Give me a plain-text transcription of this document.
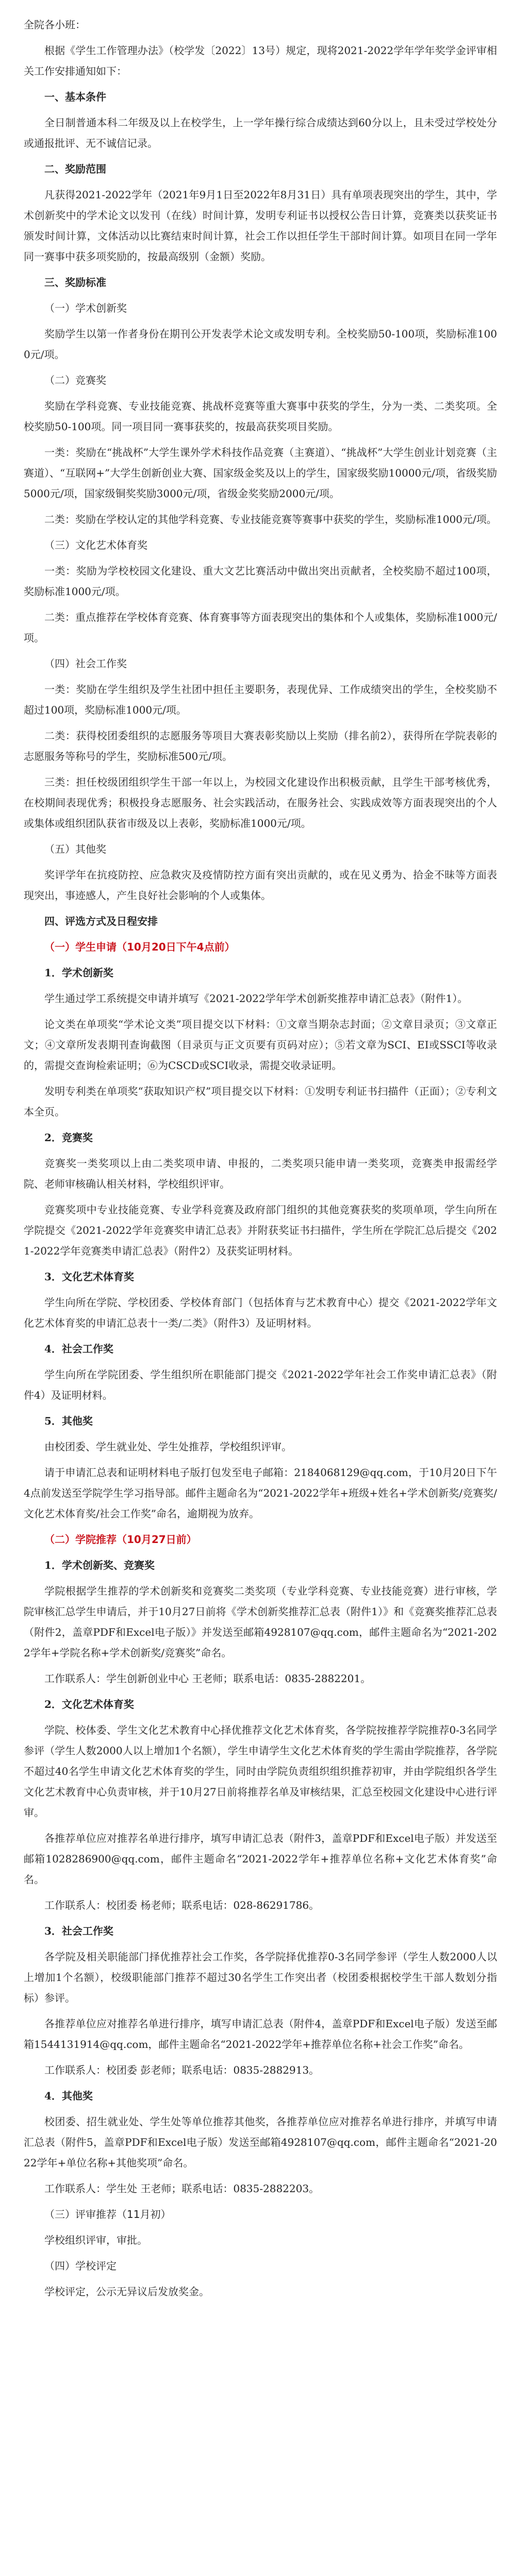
全院各小班：
根据《学生工作管理办法》（校学发〔2022〕13号）规定，现将2021-2022学年学年奖学金评审相关工作安排通知如下：
一、基本条件
全日制普通本科二年级及以上在校学生，上一学年操行综合成绩达到60分以上，且未受过学校处分或通报批评、无不诚信记录。
二、奖励范围
凡获得2021-2022学年（2021年9月1日至2022年8月31日）具有单项表现突出的学生，其中，学术创新奖中的学术论文以发刊（在线）时间计算，发明专利证书以授权公告日计算，竞赛类以获奖证书颁发时间计算，文体活动以比赛结束时间计算，社会工作以担任学生干部时间计算。如项目在同一学年同一赛事中获多项奖励的，按最高级别（金额）奖励。
三、奖励标准
（一）学术创新奖
奖励学生以第一作者身份在期刊公开发表学术论文或发明专利。全校奖励50-100项，奖励标准1000元/项。
（二）竞赛奖
奖励在学科竞赛、专业技能竞赛、挑战杯竞赛等重大赛事中获奖的学生，分为一类、二类奖项。全校奖励50-100项。同一项目同一赛事获奖的，按最高获奖项目奖励。
一类：奖励在“挑战杯”大学生课外学术科技作品竞赛（主赛道）、“挑战杯”大学生创业计划竞赛（主赛道）、“互联网+”大学生创新创业大赛、国家级金奖及以上的学生，国家级奖励10000元/项，省级奖励5000元/项，国家级铜奖奖励3000元/项，省级金奖奖励2000元/项。
二类：奖励在学校认定的其他学科竞赛、专业技能竞赛等赛事中获奖的学生，奖励标准1000元/项。
（三）文化艺术体育奖
一类：奖励为学校校园文化建设、重大文艺比赛活动中做出突出贡献者，全校奖励不超过100项，奖励标准1000元/项。
二类：重点推荐在学校体育竞赛、体育赛事等方面表现突出的集体和个人或集体，奖励标准1000元/项。
（四）社会工作奖
一类：奖励在学生组织及学生社团中担任主要职务，表现优异、工作成绩突出的学生，全校奖励不超过100项，奖励标准1000元/项。
二类：获得校团委组织的志愿服务等项目大赛表彰奖励以上奖励（排名前2），获得所在学院表彰的志愿服务等称号的学生，奖励标准500元/项。
三类：担任校级团组织学生干部一年以上，为校园文化建设作出积极贡献，且学生干部考核优秀，在校期间表现优秀；积极投身志愿服务、社会实践活动，在服务社会、实践成效等方面表现突出的个人或集体或组织团队获省市级及以上表彰，奖励标准1000元/项。
（五）其他奖
奖评学年在抗疫防控、应急救灾及疫情防控方面有突出贡献的，或在见义勇为、拾金不昧等方面表现突出，事迹感人，产生良好社会影响的个人或集体。
四、评选方式及日程安排
（一）学生申请（10月20日下午4点前）
1．学术创新奖
学生通过学工系统提交申请并填写《2021-2022学年学术创新奖推荐申请汇总表》（附件1）。
论文类在单项奖“学术论文类”项目提交以下材料：①文章当期杂志封面；②文章目录页；③文章正文；④文章所发表期刊查询截图（目录页与正文页要有页码对应）；⑤若文章为SCI、EI或SSCI等收录的，需提交查询检索证明；⑥为CSCD或SCI收录，需提交收录证明。
发明专利类在单项奖“获取知识产权”项目提交以下材料：①发明专利证书扫描件（正面）；②专利文本全页。
2．竞赛奖
竞赛奖一类奖项以上由二类奖项申请、申报的，二类奖项只能申请一类奖项，竞赛类申报需经学院、老师审核确认相关材料，学校组织评审。
竞赛奖项中专业技能竞赛、专业学科竞赛及政府部门组织的其他竞赛获奖的奖项单项，学生向所在学院提交《2021-2022学年竞赛奖申请汇总表》并附获奖证书扫描件，学生所在学院汇总后提交《2021-2022学年竞赛类申请汇总表》（附件2）及获奖证明材料。
3．文化艺术体育奖
学生向所在学院、学校团委、学校体育部门（包括体育与艺术教育中心）提交《2021-2022学年文化艺术体育奖的申请汇总表十一类/二类》（附件3）及证明材料。
4．社会工作奖
学生向所在学院团委、学生组织所在职能部门提交《2021-2022学年社会工作奖申请汇总表》（附件4）及证明材料。
5．其他奖
由校团委、学生就业处、学生处推荐，学校组织评审。
请于申请汇总表和证明材料电子版打包发至电子邮箱：2184068129@qq.com，于10月20日下午4点前发送至学院学生学习指导部。邮件主题命名为“2021-2022学年+班级+姓名+学术创新奖/竞赛奖/文化艺术体育奖/社会工作奖”命名，逾期视为放弃。
（二）学院推荐（10月27日前）
1．学术创新奖、竞赛奖
学院根据学生推荐的学术创新奖和竞赛奖二类奖项（专业学科竞赛、专业技能竞赛）进行审核，学院审核汇总学生申请后，并于10月27日前将《学术创新奖推荐汇总表（附件1）》和《竞赛奖推荐汇总表（附件2，盖章PDF和Excel电子版）》并发送至邮箱4928107@qq.com，邮件主题命名为“2021-2022学年+学院名称+学术创新奖/竞赛奖”命名。
工作联系人：学生创新创业中心 王老师；联系电话：0835-2882201。
2．文化艺术体育奖
学院、校体委、学生文化艺术教育中心择优推荐文化艺术体育奖，各学院按推荐学院推荐0-3名同学参评（学生人数2000人以上增加1个名额），学生申请学生文化艺术体育奖的学生需由学院推荐，各学院不超过40名学生申请文化艺术体育奖的学生，同时由学院负责组织组织推荐初审，并由学院组织各学生文化艺术教育中心负责审核，并于10月27日前将推荐名单及审核结果，汇总至校园文化建设中心进行评审。
各推荐单位应对推荐名单进行排序，填写申请汇总表（附件3，盖章PDF和Excel电子版）并发送至邮箱1028286900@qq.com，邮件主题命名“2021-2022学年+推荐单位名称+文化艺术体育奖”命名。
工作联系人：校团委 杨老师；联系电话：028-86291786。
3．社会工作奖
各学院及相关职能部门择优推荐社会工作奖，各学院择优推荐0-3名同学参评（学生人数2000人以上增加1个名额），校级职能部门推荐不超过30名学生工作突出者（校团委根据校学生干部人数划分指标）参评。
各推荐单位应对推荐名单进行排序，填写申请汇总表（附件4，盖章PDF和Excel电子版）发送至邮箱1544131914@qq.com，邮件主题命名“2021-2022学年+推荐单位名称+社会工作奖”命名。
工作联系人：校团委 彭老师；联系电话：0835-2882913。
4．其他奖
校团委、招生就业处、学生处等单位推荐其他奖，各推荐单位应对推荐名单进行排序，并填写申请汇总表（附件5，盖章PDF和Excel电子版）发送至邮箱4928107@qq.com，邮件主题命名“2021-2022学年+单位名称+其他奖项”命名。
工作联系人：学生处 王老师；联系电话：0835-2882203。
（三）评审推荐（11月初）
学校组织评审，审批。
（四）学校评定
学校评定，公示无异议后发放奖金。
